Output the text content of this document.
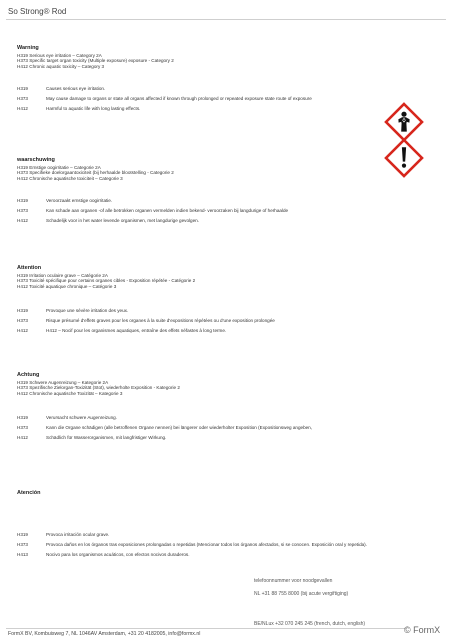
So Strong® Rod
Warning
H319 Serious eye irritation – Category 2A
H373 Specific target organ toxicity (Multiple exposure) exposure - Category 2
H412 Chronic aquatic toxicity – Category 3
H319	Causes serious eye irritation.
H373	May cause damage to organs or state all organs affected if known through prolonged or repeated exposure state route of exposure
H412	Harmful to aquatic life with long lasting effects.
waarschuwing
H319 Ernstige oogirritatie – Categorie 2A
H373 Specifieke doelorgaantoxiciteit (bij herhaalde blootstelling - Categorie 2
H412 Chronische aquatische toxiciteit – Categorie 3
H319	Veroorzaakt ernstige oogirritatie.
H373	Kan schade aan organen -of alle betrokken organen vermelden indien bekend- veroorzaken bij langdurige of herhaalde
H412	Schadelijk voor in het water levende organismen, met langdurige gevolgen.
Attention
H319 Irritation oculaire grave – Catégorie 2A
H373 Toxicité spécifique pour certains organes cibles - Exposition répétée - Catégorie 2
H412 Toxicité aquatique chronique – Catégorie 3
H319	Provoque une sévère irritation des yeux.
H373	Risque présumé d'effets graves pour les organes à la suite d'expositions répétées ou d'une exposition prolongée
H412	H412 – Nocif pour les organismes aquatiques, entraîne des effets néfastes à long terme.
Achtung
H319 Schwere Augenreizung – Kategorie 2A
H373 Spezifische Zielorgan-Toxizität (Stot), wiederholte Exposition - Kategorie 2
H412 Chronische aquatische Toxizität – Kategorie 3
H319	Verursacht schwere Augenreizung.
H373	Kann die Organe schädigen (alle betroffenen Organe nennen) bei längerer oder wiederholter Exposition (Expositionsweg angeben,
H412	Schädlich für Wasserorganismen, mit langfristiger Wirkung.
Atención
H319	Provoca irritación ocular grave.
H373	Provoca daños en los órganos tras exposiciones prolongadas o repetidas (Mencionar todos los órganos afectados, si se conocen. Exposición oral y repetida).
H413	Nocivo para los organismos acuáticos, con efectos nocivos duraderos.
telefoonnummer voor noodgevallen
NL +31 88 755 8000 (bij acute vergiftiging)
BE/NLux +32 070 245 245 (french, dutch, english)
FormX BV, Kombuisweg 7, NL 1046AV Amsterdam, +31 20 4182005, info@formx.nl	© FormX
